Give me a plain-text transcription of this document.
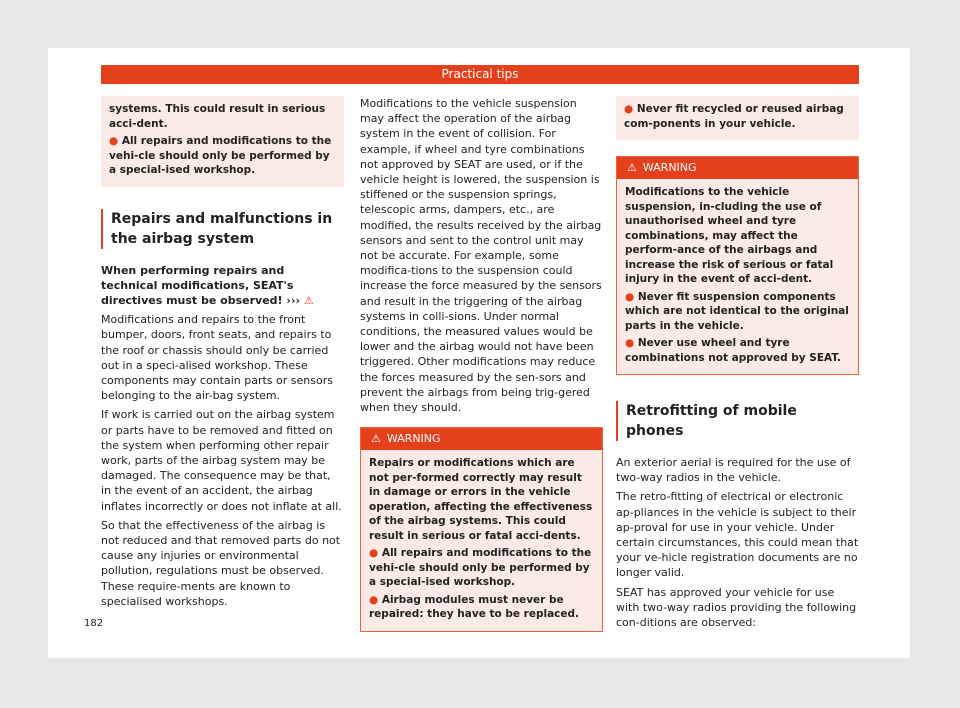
Practical tips

systems. This could result in serious acci-dent.

● All repairs and modifications to the vehi-cle should only be performed by a special-ised workshop.

Repairs and malfunctions in the airbag system

When performing repairs and technical modifications, SEAT's directives must be observed! ››› ⚠

Modifications and repairs to the front bumper, doors, front seats, and repairs to the roof or chassis should only be carried out in a speci-alised workshop. These components may contain parts or sensors belonging to the air-bag system.

If work is carried out on the airbag system or parts have to be removed and fitted on the system when performing other repair work, parts of the airbag system may be damaged. The consequence may be that, in the event of an accident, the airbag inflates incorrectly or does not inflate at all.

So that the effectiveness of the airbag is not reduced and that removed parts do not cause any injuries or environmental pollution, regulations must be observed. These require-ments are known to specialised workshops.

Modifications to the vehicle suspension may affect the operation of the airbag system in the event of collision. For example, if wheel and tyre combinations not approved by SEAT are used, or if the vehicle height is lowered, the suspension is stiffened or the suspension springs, telescopic arms, dampers, etc., are modified, the results received by the airbag sensors and sent to the control unit may not be accurate. For example, some modifica-tions to the suspension could increase the force measured by the sensors and result in the triggering of the airbag systems in colli-sions. Under normal conditions, the measured values would be lower and the airbag would not have been triggered. Other modifications may reduce the forces measured by the sen-sors and prevent the airbags from being trig-gered when they should.

⚠ WARNING

Repairs or modifications which are not per-formed correctly may result in damage or errors in the vehicle operation, affecting the effectiveness of the airbag systems. This could result in serious or fatal acci-dents.

● All repairs and modifications to the vehi-cle should only be performed by a special-ised workshop.

● Airbag modules must never be repaired: they have to be replaced.

● Never fit recycled or reused airbag com-ponents in your vehicle.

⚠ WARNING

Modifications to the vehicle suspension, in-cluding the use of unauthorised wheel and tyre combinations, may affect the perform-ance of the airbags and increase the risk of serious or fatal injury in the event of acci-dent.

● Never fit suspension components which are not identical to the original parts in the vehicle.

● Never use wheel and tyre combinations not approved by SEAT.

Retrofitting of mobile phones

An exterior aerial is required for the use of two-way radios in the vehicle.

The retro-fitting of electrical or electronic ap-pliances in the vehicle is subject to their ap-proval for use in your vehicle. Under certain circumstances, this could mean that your ve-hicle registration documents are no longer valid.

SEAT has approved your vehicle for use with two-way radios providing the following con-ditions are observed:

182
